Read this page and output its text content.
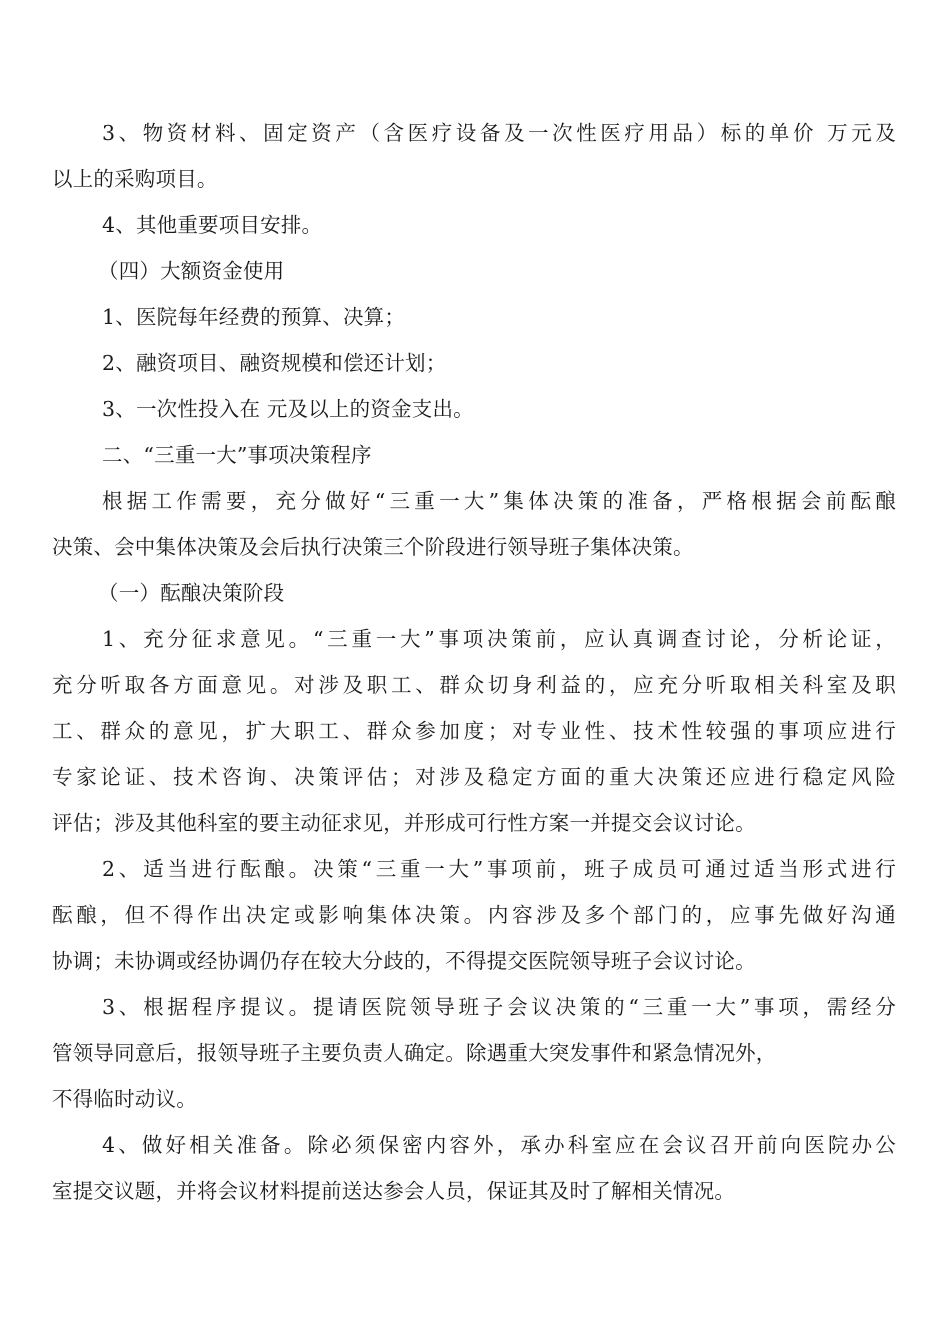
3、物资材料、固定资产（含医疗设备及一次性医疗用品）标的单价 万元及
以上的采购项目。
4、其他重要项目安排。
（四）大额资金使用
1、医院每年经费的预算、决算；
2、融资项目、融资规模和偿还计划；
3、一次性投入在 元及以上的资金支出。
二、“三重一大”事项决策程序
根据工作需要，充分做好“三重一大”集体决策的准备，严格根据会前酝酿
决策、会中集体决策及会后执行决策三个阶段进行领导班子集体决策。
（一）酝酿决策阶段
1、充分征求意见。“三重一大”事项决策前，应认真调查讨论，分析论证，
充分听取各方面意见。对涉及职工、群众切身利益的，应充分听取相关科室及职
工、群众的意见，扩大职工、群众参加度；对专业性、技术性较强的事项应进行
专家论证、技术咨询、决策评估；对涉及稳定方面的重大决策还应进行稳定风险
评估；涉及其他科室的要主动征求见，并形成可行性方案一并提交会议讨论。
2、适当进行酝酿。决策“三重一大”事项前，班子成员可通过适当形式进行
酝酿，但不得作出决定或影响集体决策。内容涉及多个部门的，应事先做好沟通
协调；未协调或经协调仍存在较大分歧的，不得提交医院领导班子会议讨论。
3、根据程序提议。提请医院领导班子会议决策的“三重一大”事项，需经分
管领导同意后，报领导班子主要负责人确定。除遇重大突发事件和紧急情况外，
不得临时动议。
4、做好相关准备。除必须保密内容外，承办科室应在会议召开前向医院办公
室提交议题，并将会议材料提前送达参会人员，保证其及时了解相关情况。
